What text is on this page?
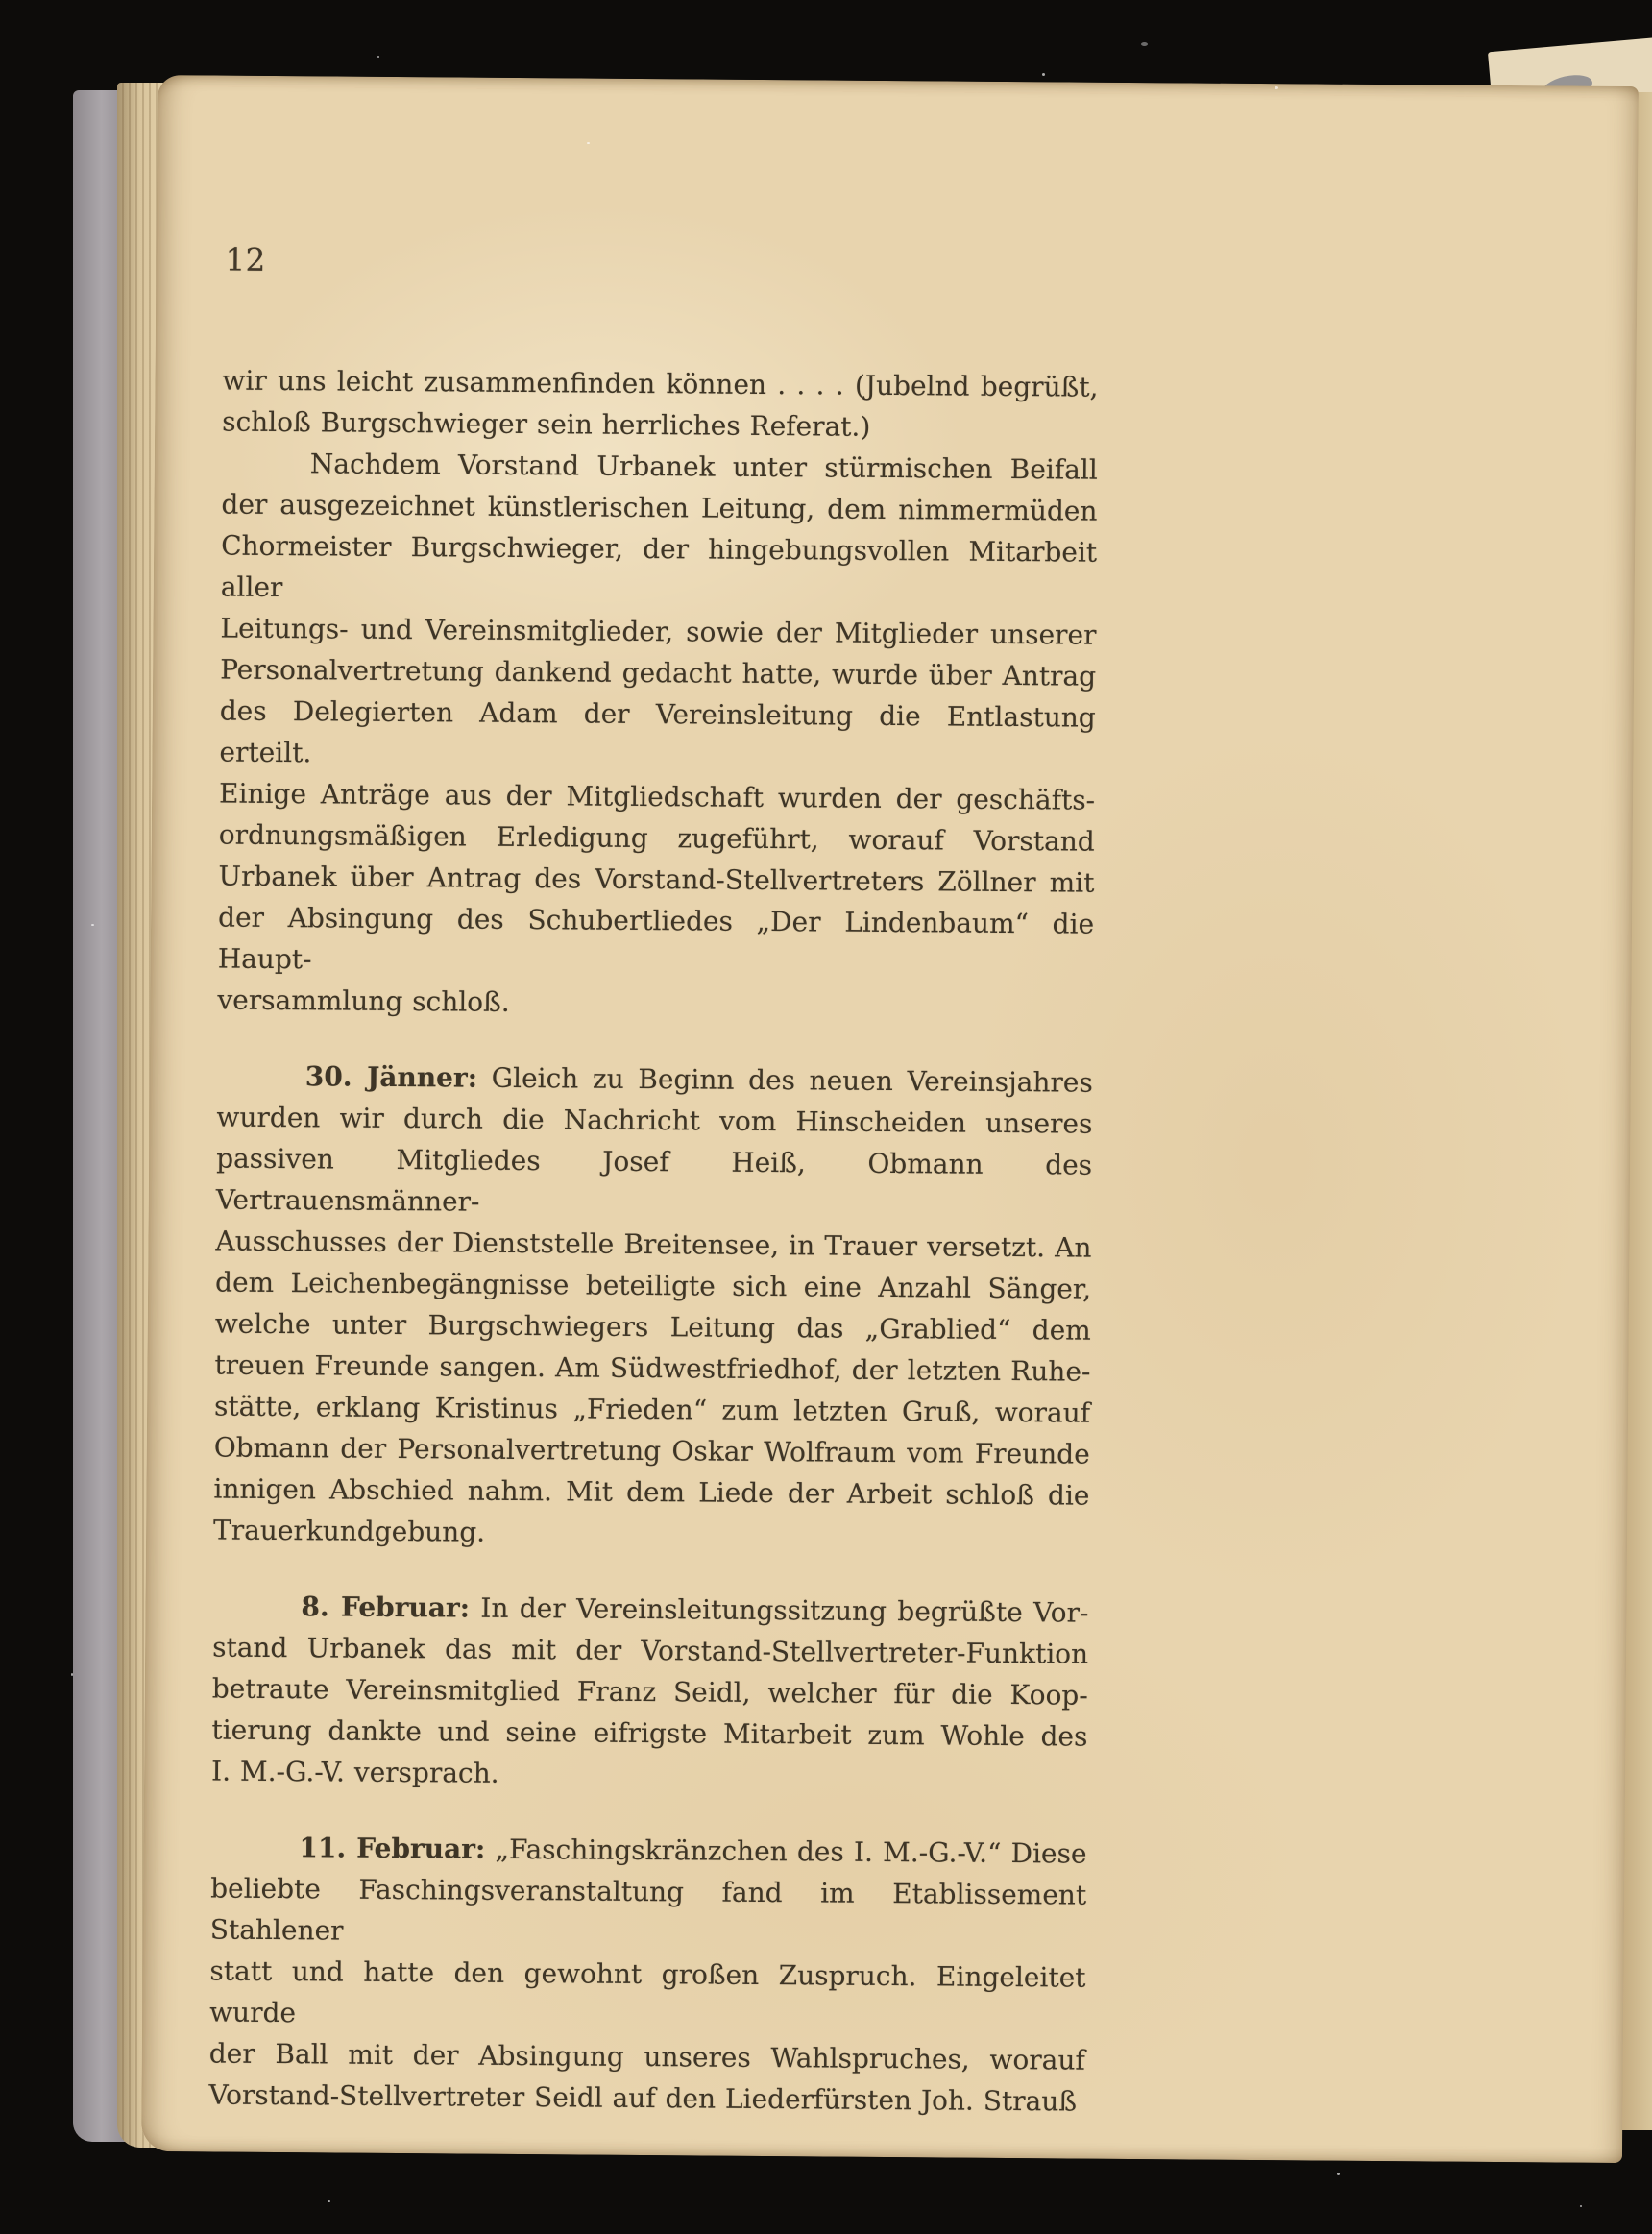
12
wir uns leicht zusammenfinden können . . . . (Jubelnd begrüßt,
schloß Burgschwieger sein herrliches Referat.)
Nachdem Vorstand Urbanek unter stürmischen Beifall
der ausgezeichnet künstlerischen Leitung, dem nimmermüden
Chormeister Burgschwieger, der hingebungsvollen Mitarbeit aller
Leitungs- und Vereinsmitglieder, sowie der Mitglieder unserer
Personalvertretung dankend gedacht hatte, wurde über Antrag
des Delegierten Adam der Vereinsleitung die Entlastung erteilt.
Einige Anträge aus der Mitgliedschaft wurden der geschäfts-
ordnungsmäßigen Erledigung zugeführt, worauf Vorstand
Urbanek über Antrag des Vorstand-Stellvertreters Zöllner mit
der Absingung des Schubertliedes „Der Lindenbaum“ die Haupt-
versammlung schloß.
30. Jänner: Gleich zu Beginn des neuen Vereinsjahres
wurden wir durch die Nachricht vom Hinscheiden unseres
passiven Mitgliedes Josef Heiß, Obmann des Vertrauensmänner-
Ausschusses der Dienststelle Breitensee, in Trauer versetzt. An
dem Leichenbegängnisse beteiligte sich eine Anzahl Sänger,
welche unter Burgschwiegers Leitung das „Grablied“ dem
treuen Freunde sangen. Am Südwestfriedhof, der letzten Ruhe-
stätte, erklang Kristinus „Frieden“ zum letzten Gruß, worauf
Obmann der Personalvertretung Oskar Wolfraum vom Freunde
innigen Abschied nahm. Mit dem Liede der Arbeit schloß die
Trauerkundgebung.
8. Februar: In der Vereinsleitungssitzung begrüßte Vor-
stand Urbanek das mit der Vorstand-Stellvertreter-Funktion
betraute Vereinsmitglied Franz Seidl, welcher für die Koop-
tierung dankte und seine eifrigste Mitarbeit zum Wohle des
I. M.-G.-V. versprach.
11. Februar: „Faschingskränzchen des I. M.-G.-V.“ Diese
beliebte Faschingsveranstaltung fand im Etablissement Stahlener
statt und hatte den gewohnt großen Zuspruch. Eingeleitet wurde
der Ball mit der Absingung unseres Wahlspruches, worauf
Vorstand-Stellvertreter Seidl auf den Liederfürsten Joh. Strauß
